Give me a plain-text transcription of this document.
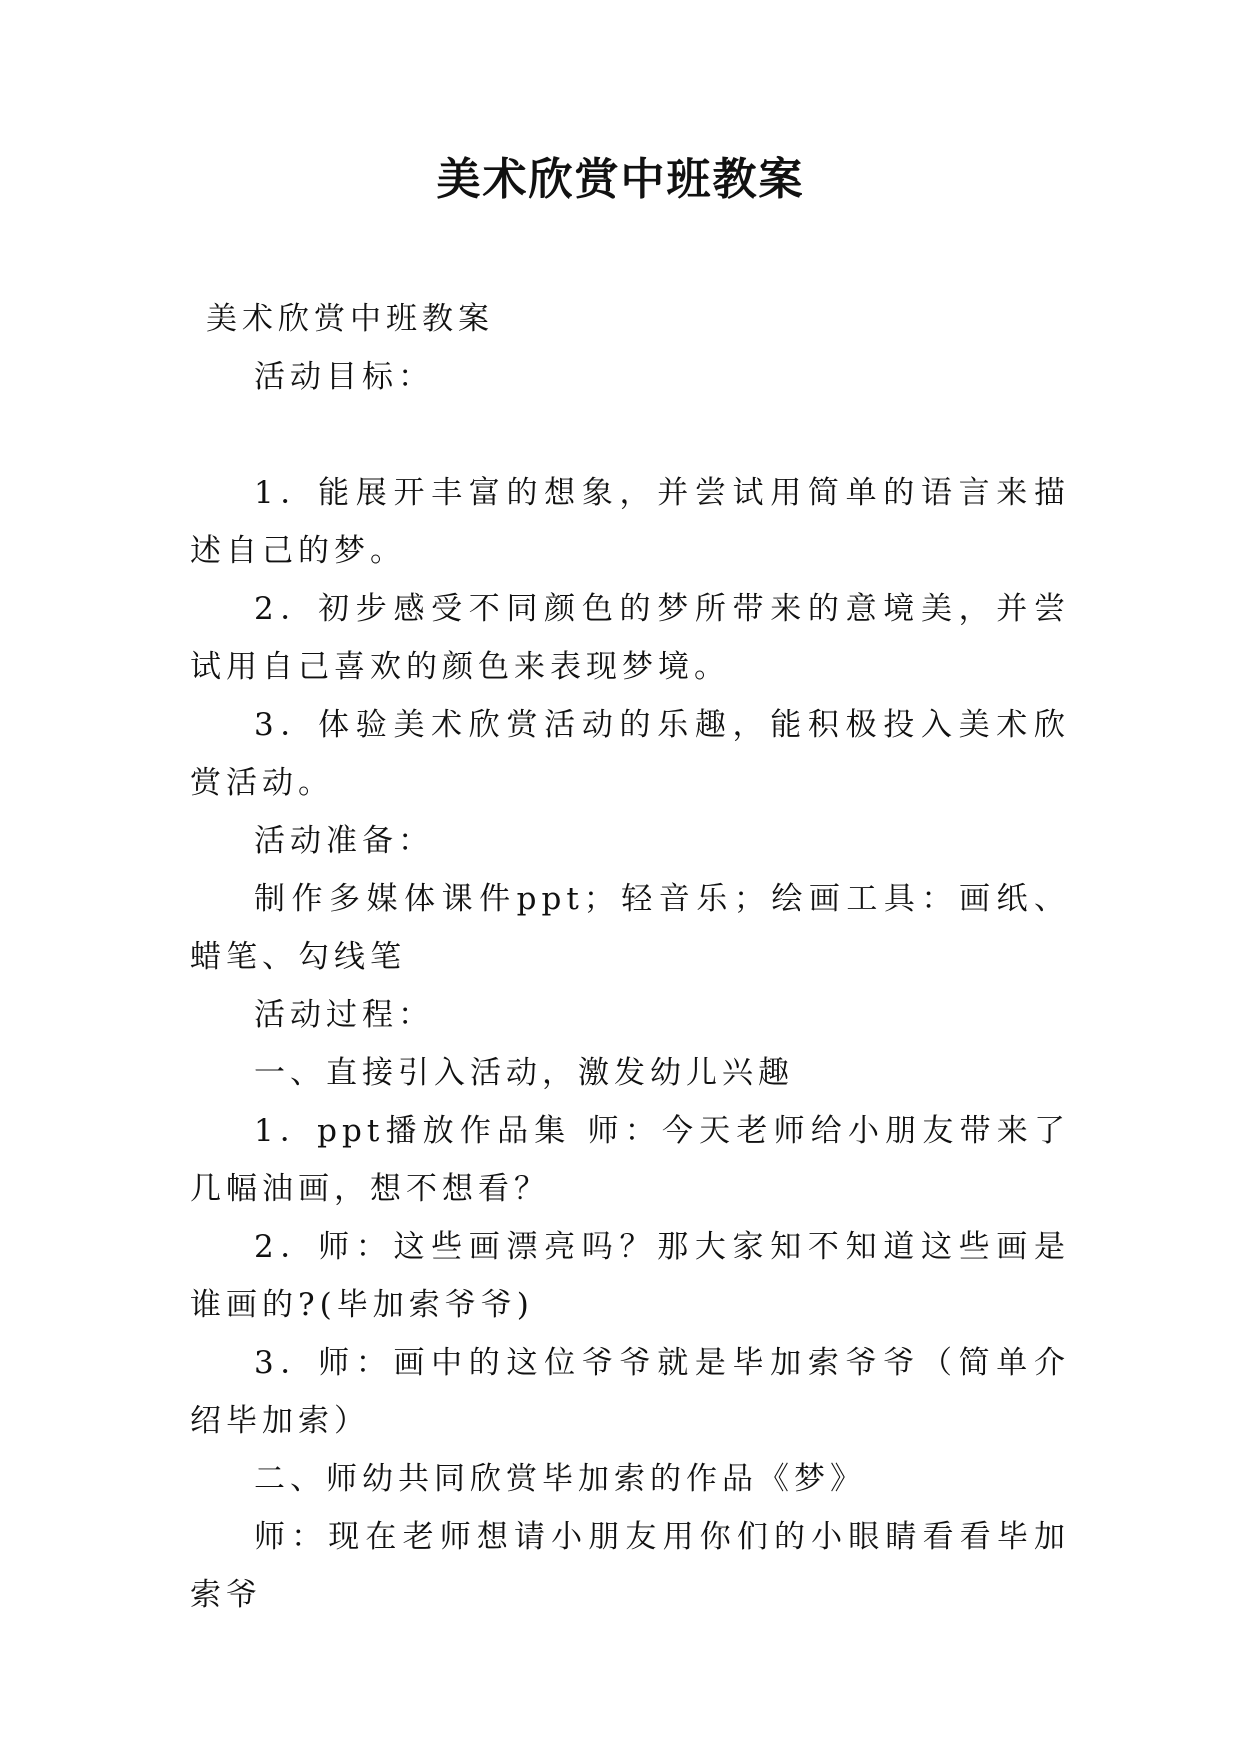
美术欣赏中班教案

美术欣赏中班教案

活动目标：

1．能展开丰富的想象，并尝试用简单的语言来描述自己的梦。

2．初步感受不同颜色的梦所带来的意境美，并尝试用自己喜欢的颜色来表现梦境。

3．体验美术欣赏活动的乐趣，能积极投入美术欣赏活动。

活动准备：

制作多媒体课件ppt；轻音乐；绘画工具：画纸、蜡笔、勾线笔

活动过程：

一、直接引入活动，激发幼儿兴趣

1．ppt播放作品集 师：今天老师给小朋友带来了几幅油画，想不想看？

2．师：这些画漂亮吗？那大家知不知道这些画是谁画的?(毕加索爷爷)

3．师：画中的这位爷爷就是毕加索爷爷（简单介绍毕加索）

二、师幼共同欣赏毕加索的作品《梦》

师：现在老师想请小朋友用你们的小眼睛看看毕加索爷
